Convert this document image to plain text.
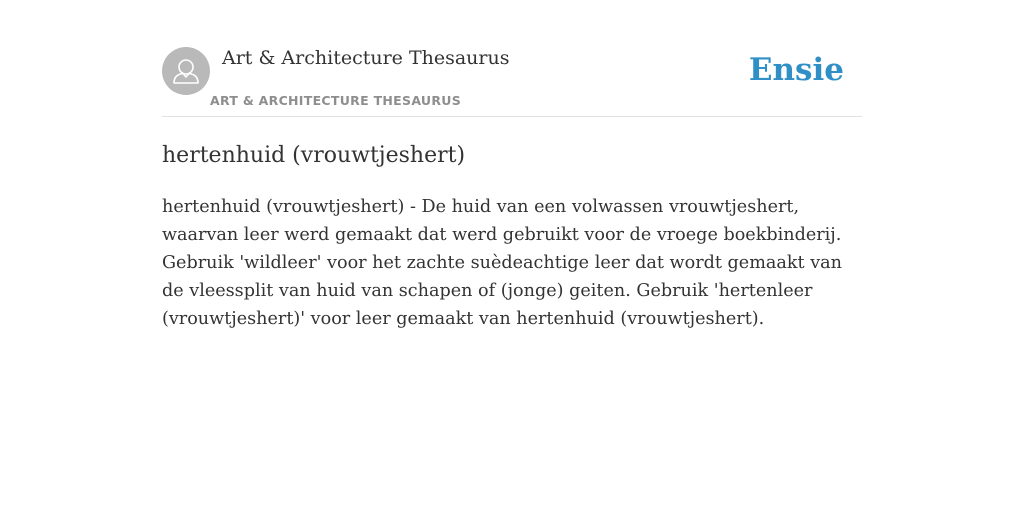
Art & Architecture Thesaurus
ART & ARCHITECTURE THESAURUS
Ensie
hertenhuid (vrouwtjeshert)

hertenhuid (vrouwtjeshert) - De huid van een volwassen vrouwtjeshert, waarvan leer werd gemaakt dat werd gebruikt voor de vroege boekbinderij. Gebruik 'wildleer' voor het zachte suèdeachtige leer dat wordt gemaakt van de vleessplit van huid van schapen of (jonge) geiten. Gebruik 'hertenleer (vrouwtjeshert)' voor leer gemaakt van hertenhuid (vrouwtjeshert).
